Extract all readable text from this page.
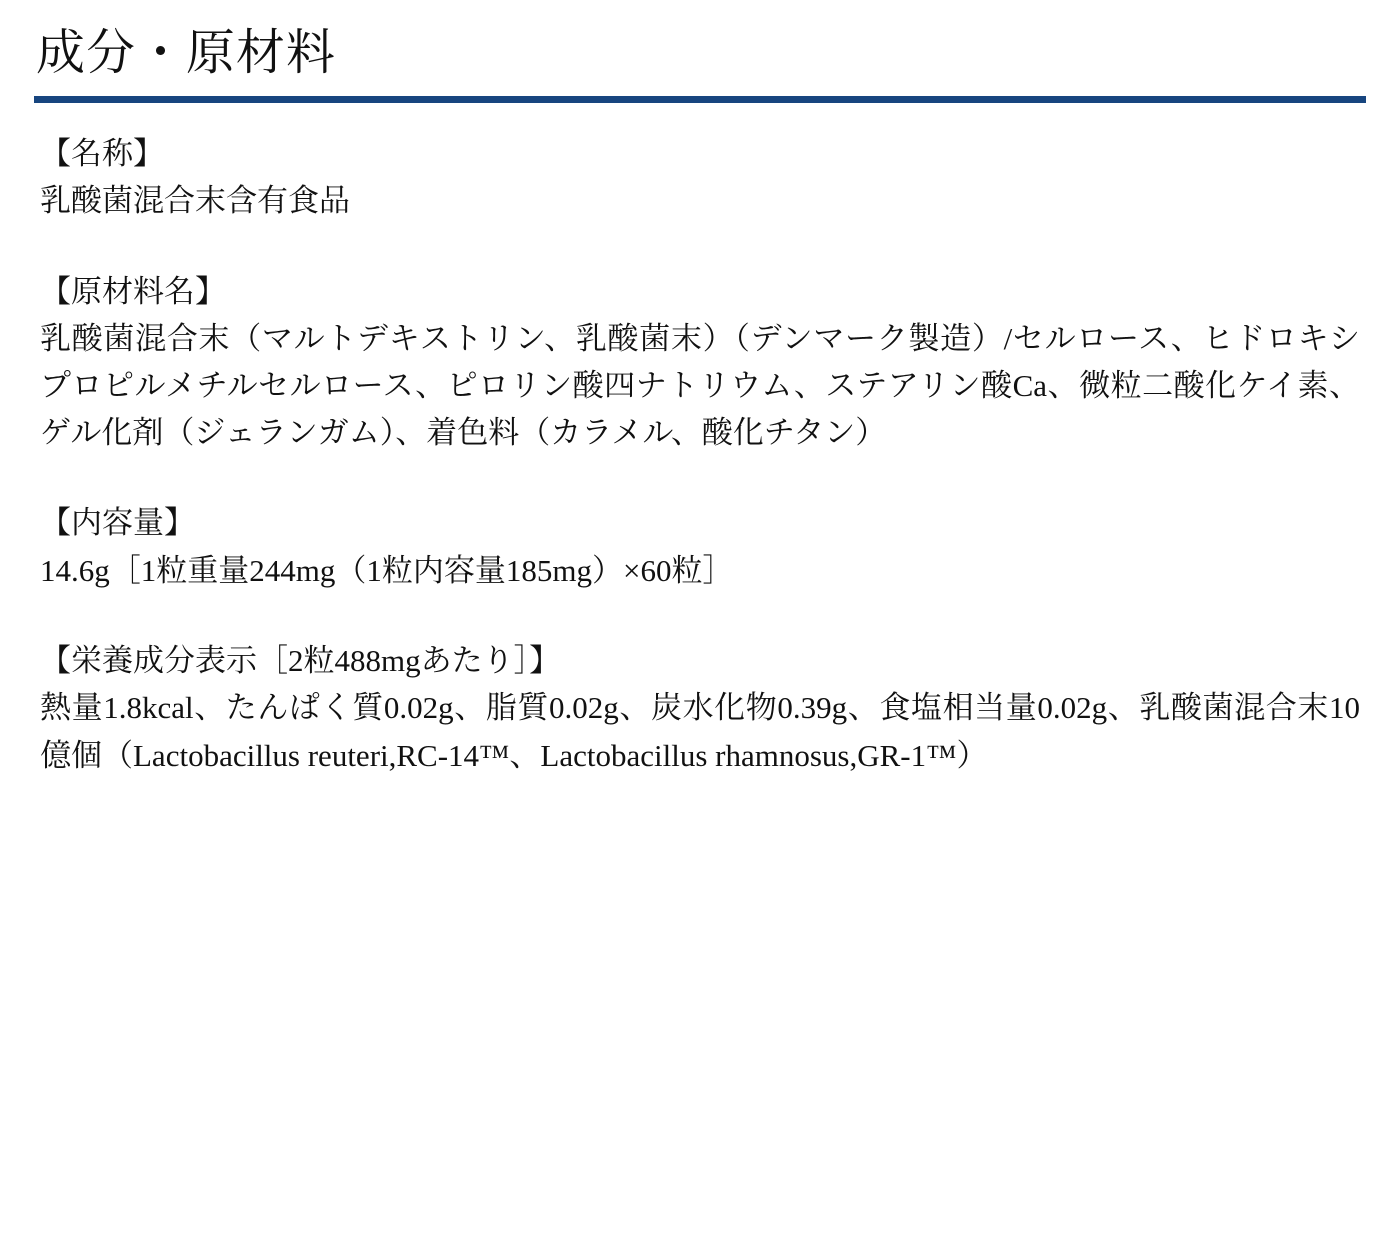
成分・原材料
【名称】
乳酸菌混合末含有食品
【原材料名】
乳酸菌混合末（マルトデキストリン、乳酸菌末）（デンマーク製造）/セルロース、ヒドロキシプロピルメチルセルロース、ピロリン酸四ナトリウム、ステアリン酸Ca、微粒二酸化ケイ素、ゲル化剤（ジェランガム）、着色料（カラメル、酸化チタン）
【内容量】
14.6g［1粒重量244mg（1粒内容量185mg）×60粒］
【栄養成分表示［2粒488mgあたり］】
熱量1.8kcal、たんぱく質0.02g、脂質0.02g、炭水化物0.39g、食塩相当量0.02g、乳酸菌混合末10億個（Lactobacillus reuteri,RC-14™、Lactobacillus rhamnosus,GR-1™）
